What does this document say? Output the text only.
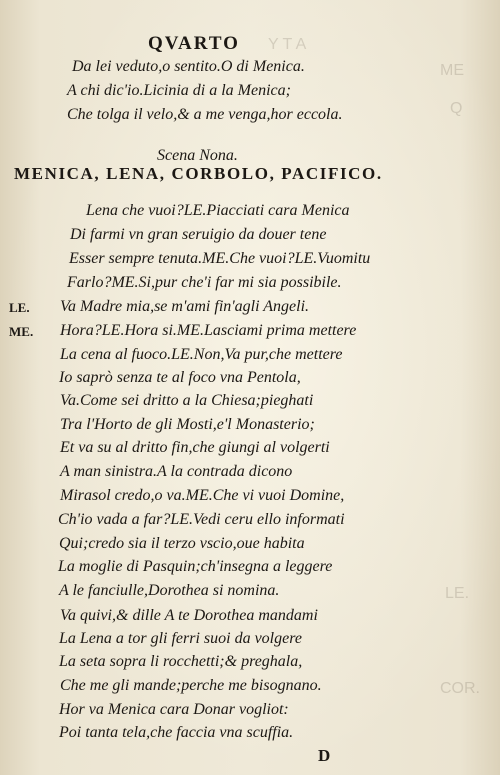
Y T A
ME
Q
LE.
COR.
QVARTO
Da lei veduto,o sentito.O di Menica.
A chi dic'io.Licinia di a la Menica;
Che tolga il velo,& a me venga,hor eccola.
Scena Nona.
MENICA, LENA, CORBOLO, PACIFICO.
Lena che vuoi?LE.Piacciati cara Menica
Di farmi vn gran seruigio da douer tene
Esser sempre tenuta.ME.Che vuoi?LE.Vuomitu
Farlo?ME.Si,pur che'i far mi sia possibile.
Va Madre mia,se m'ami fin'agli Angeli.
LE.
Hora?LE.Hora si.ME.Lasciami prima mettere
ME.
La cena al fuoco.LE.Non,Va pur,che mettere
Io saprò senza te al foco vna Pentola,
Va.Come sei dritto a la Chiesa;pieghati
Tra l'Horto de gli Mosti,e'l Monasterio;
Et va su al dritto fin,che giungi al volgerti
A man sinistra.A la contrada dicono
Mirasol credo,o va.ME.Che vi vuoi Domine,
Ch'io vada a far?LE.Vedi ceru ello informati
Qui;credo sia il terzo vscio,oue habita
La moglie di Pasquin;ch'insegna a leggere
A le fanciulle,Dorothea si nomina.
Va quivi,& dille A te Dorothea mandami
La Lena a tor gli ferri suoi da volgere
La seta sopra li rocchetti;& preghala,
Che me gli mande;perche me bisognano.
Hor va Menica cara Donar vogliot:
Poi tanta tela,che faccia vna scuffia.
D
